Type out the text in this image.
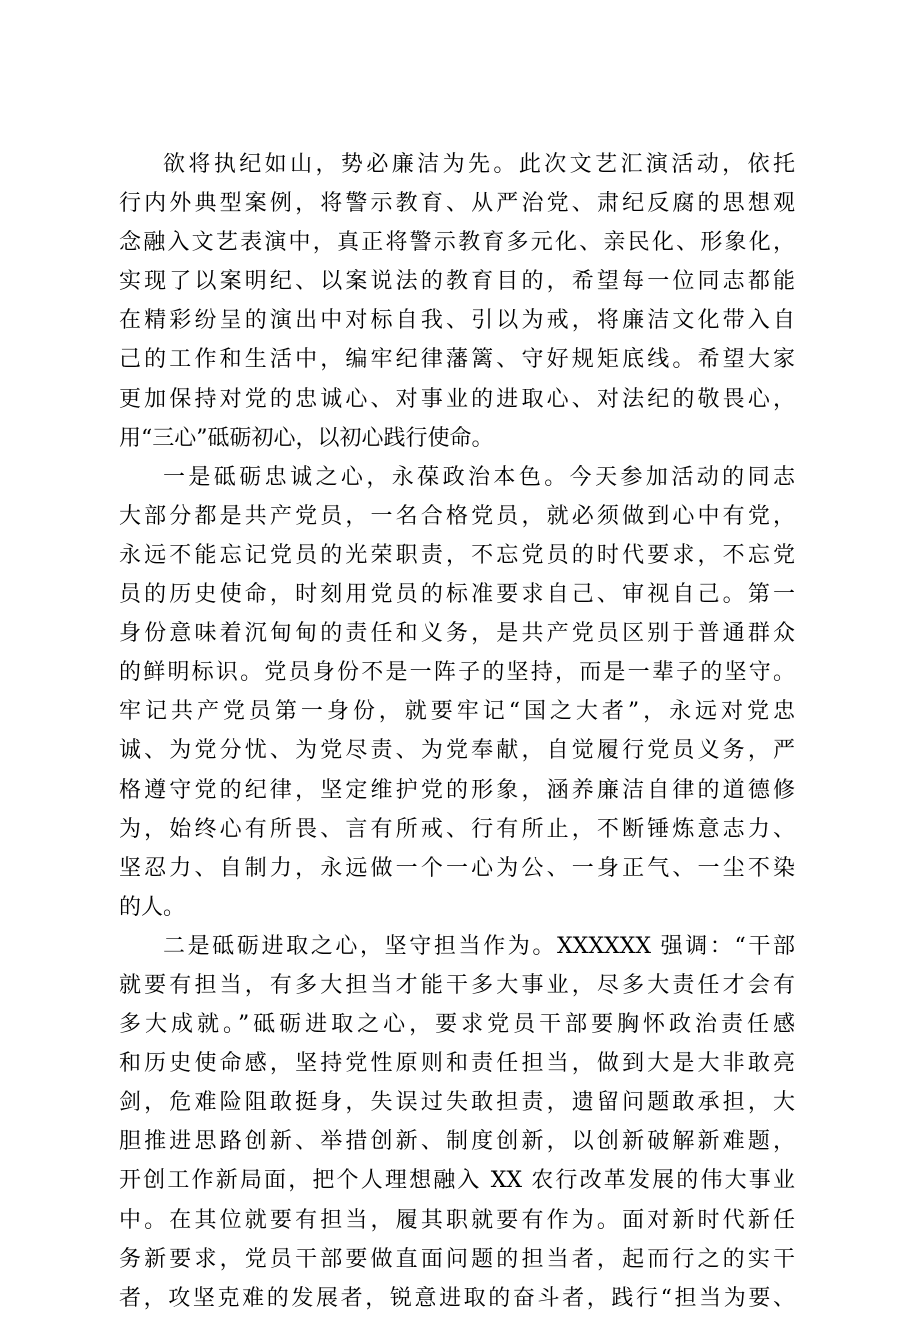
欲将执纪如山，势必廉洁为先。此次文艺汇演活动，依托
行内外典型案例，将警示教育、从严治党、肃纪反腐的思想观
念融入文艺表演中，真正将警示教育多元化、亲民化、形象化，
实现了以案明纪、以案说法的教育目的，希望每一位同志都能
在精彩纷呈的演出中对标自我、引以为戒，将廉洁文化带入自
己的工作和生活中，编牢纪律藩篱、守好规矩底线。希望大家
更加保持对党的忠诚心、对事业的进取心、对法纪的敬畏心，
用“三心”砥砺初心，以初心践行使命。
一是砥砺忠诚之心，永葆政治本色。今天参加活动的同志
大部分都是共产党员，一名合格党员，就必须做到心中有党，
永远不能忘记党员的光荣职责，不忘党员的时代要求，不忘党
员的历史使命，时刻用党员的标准要求自己、审视自己。第一
身份意味着沉甸甸的责任和义务，是共产党员区别于普通群众
的鲜明标识。党员身份不是一阵子的坚持，而是一辈子的坚守。
牢记共产党员第一身份，就要牢记“国之大者”，永远对党忠
诚、为党分忧、为党尽责、为党奉献，自觉履行党员义务，严
格遵守党的纪律，坚定维护党的形象，涵养廉洁自律的道德修
为，始终心有所畏、言有所戒、行有所止，不断锤炼意志力、
坚忍力、自制力，永远做一个一心为公、一身正气、一尘不染
的人。
二是砥砺进取之心，坚守担当作为。XXXXXX 强调：“干部
就要有担当，有多大担当才能干多大事业，尽多大责任才会有
多大成就。”砥砺进取之心，要求党员干部要胸怀政治责任感
和历史使命感，坚持党性原则和责任担当，做到大是大非敢亮
剑，危难险阻敢挺身，失误过失敢担责，遗留问题敢承担，大
胆推进思路创新、举措创新、制度创新，以创新破解新难题，
开创工作新局面，把个人理想融入 XX 农行改革发展的伟大事业
中。在其位就要有担当，履其职就要有作为。面对新时代新任
务新要求，党员干部要做直面问题的担当者，起而行之的实干
者，攻坚克难的发展者，锐意进取的奋斗者，践行“担当为要、
